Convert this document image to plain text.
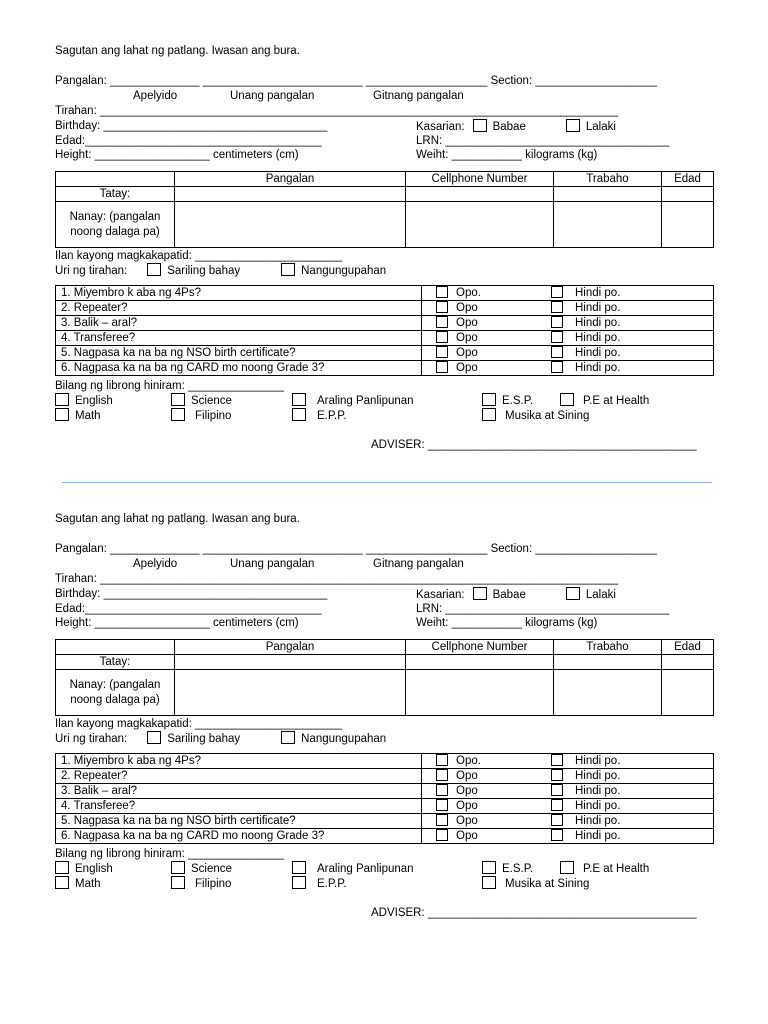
Sagutan ang lahat ng patlang. Iwasan ang bura.
Pangalan: ______________ _________________________ ___________________ Section: ___________________
Apelyido	Unang pangalan	Gitnang pangalan
Tirahan: _________________________________________________________________________________
Birthday: ___________________________________	Kasarian: Babae	Lalaki
Edad:_____________________________________	LRN: ___________________________________
Height: __________________ centimeters (cm)	Weiht: ___________ kilograms (kg)
	Pangalan	Cellphone Number	Trabaho	Edad
Tatay:				
Nanay: (pangalan noong dalaga pa)				
Ilan kayong magkakapatid: _______________________
Uri ng tirahan:	Sariling bahay	Nangungupahan
1. Miyembro k aba ng 4Ps?	Opo. Hindi po.
2. Repeater?	Opo Hindi po.
3. Balik – aral?	Opo Hindi po.
4. Transferee?	Opo Hindi po.
5. Nagpasa ka na ba ng NSO birth certificate?	Opo Hindi po.
6. Nagpasa ka na ba ng CARD mo noong Grade 3?	Opo Hindi po.
Bilang ng librong hiniram: _______________
English	Science	Araling Panlipunan	E.S.P.	P.E at Health
Math	Filipino	E.P.P.	Musika at Sining
ADVISER: __________________________________________
Sagutan ang lahat ng patlang. Iwasan ang bura.
Pangalan: ______________ _________________________ ___________________ Section: ___________________
Apelyido	Unang pangalan	Gitnang pangalan
Tirahan: _________________________________________________________________________________
Birthday: ___________________________________	Kasarian: Babae	Lalaki
Edad:_____________________________________	LRN: ___________________________________
Height: __________________ centimeters (cm)	Weiht: ___________ kilograms (kg)
	Pangalan	Cellphone Number	Trabaho	Edad
Tatay:				
Nanay: (pangalan noong dalaga pa)				
Ilan kayong magkakapatid: _______________________
Uri ng tirahan:	Sariling bahay	Nangungupahan
1. Miyembro k aba ng 4Ps?	Opo. Hindi po.
2. Repeater?	Opo Hindi po.
3. Balik – aral?	Opo Hindi po.
4. Transferee?	Opo Hindi po.
5. Nagpasa ka na ba ng NSO birth certificate?	Opo Hindi po.
6. Nagpasa ka na ba ng CARD mo noong Grade 3?	Opo Hindi po.
Bilang ng librong hiniram: _______________
English	Science	Araling Panlipunan	E.S.P.	P.E at Health
Math	Filipino	E.P.P.	Musika at Sining
ADVISER: __________________________________________
